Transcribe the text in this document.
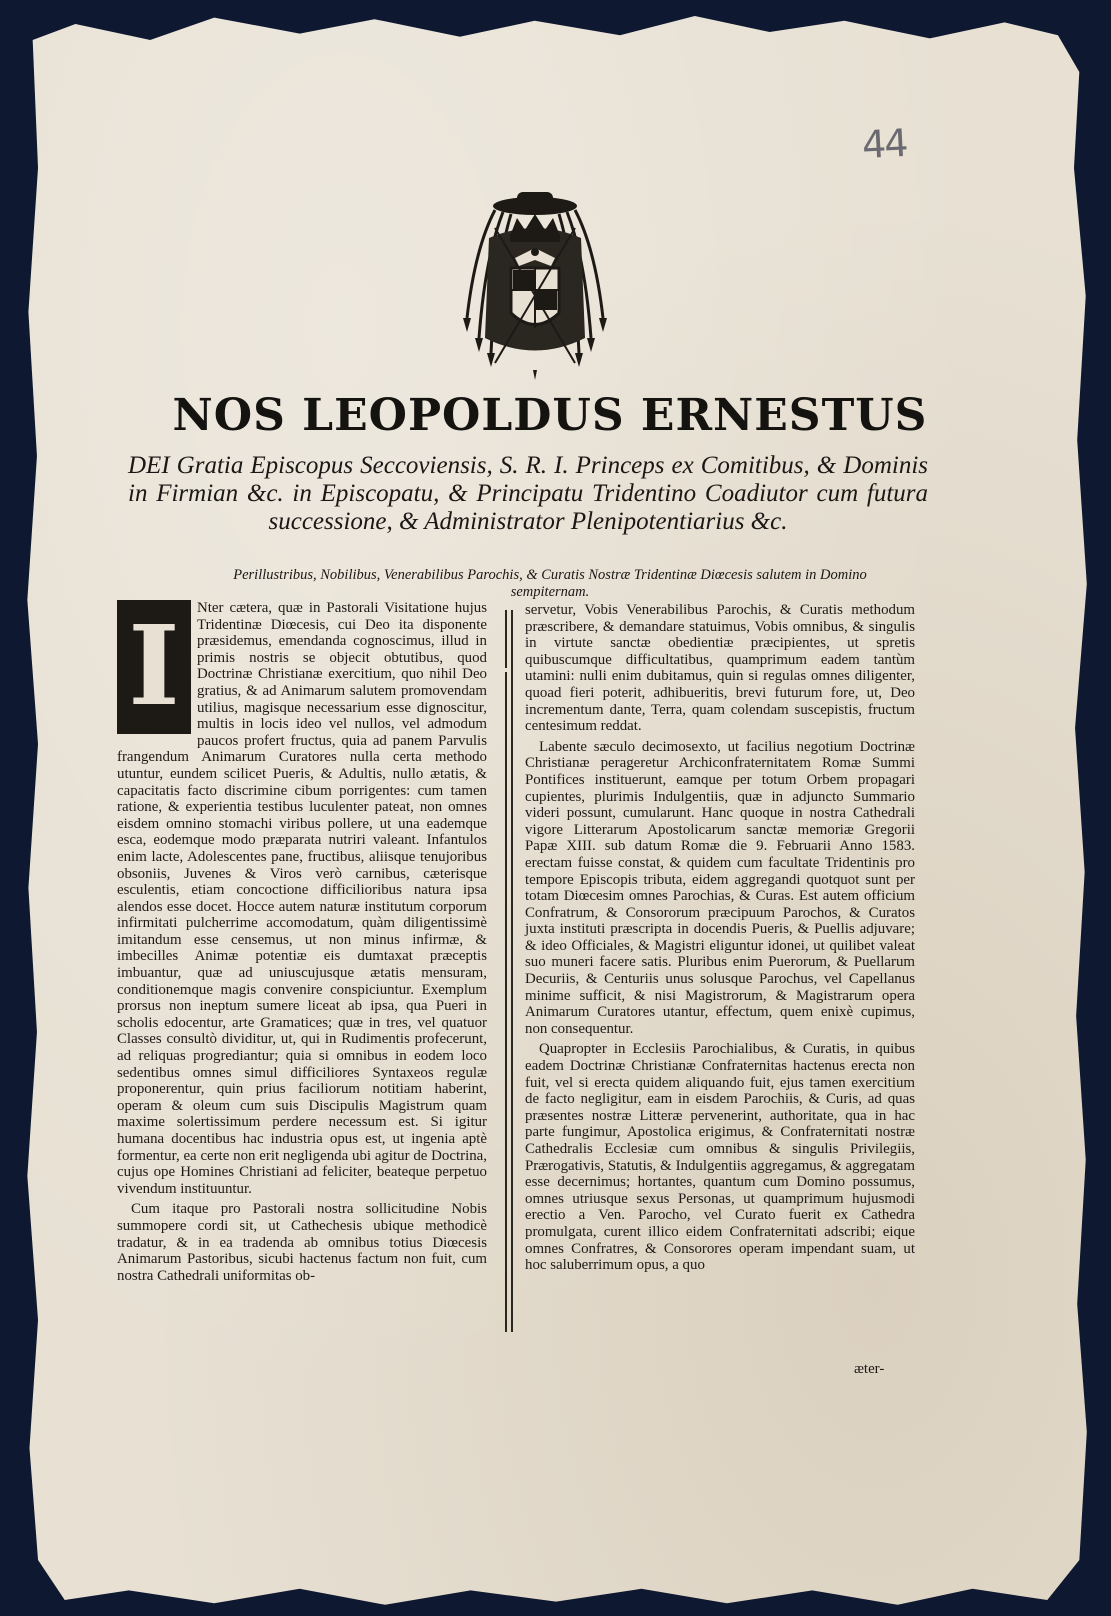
44
NOS LEOPOLDUS ERNESTUS

DEI Gratia Episcopus Seccoviensis, S. R. I. Princeps ex Comitibus, & Dominis in Firmian &c. in Episcopatu, & Principatu Tridentino Coadiutor cum futura successione, & Administrator Plenipotentiarius &c.

Perillustribus, Nobilibus, Venerabilibus Parochis, & Curatis Nostræ Tridentinæ Diœcesis salutem in Domino sempiternam.

I	Nter cætera, quæ in Pastorali Visitatione hujus Tridentinæ Diœcesis, cui Deo ita disponente præsidemus, emendanda cognoscimus, illud in primis nostris se objecit obtutibus, quod Doctrinæ Christianæ exercitium, quo nihil Deo gratius, & ad Animarum salutem promovendam utilius, magisque necessarium esse dignoscitur, multis in locis ideo vel nullos, vel admodum paucos profert fructus, quia ad panem Parvulis frangendum Animarum Curatores nulla certa methodo utuntur, eundem scilicet Pueris, & Adultis, nullo ætatis, & capacitatis facto discrimine cibum porrigentes: cum tamen ratione, & experientia testibus luculenter pateat, non omnes eisdem omnino stomachi viribus pollere, ut una eademque esca, eodemque modo præparata nutriri valeant. Infantulos enim lacte, Adolescentes pane, fructibus, aliisque tenujoribus obsoniis, Juvenes & Viros verò carnibus, cæterisque esculentis, etiam concoctione difficilioribus natura ipsa alendos esse docet. Hocce autem naturæ institutum corporum infirmitati pulcherrime accomodatum, quàm diligentissimè imitandum esse censemus, ut non minus infirmæ, & imbecilles Animæ potentiæ eis dumtaxat præceptis imbuantur, quæ ad uniuscujusque ætatis mensuram, conditionemque magis convenire conspiciuntur. Exemplum prorsus non ineptum sumere liceat ab ipsa, qua Pueri in scholis edocentur, arte Gramatices; quæ in tres, vel quatuor Classes consultò dividitur, ut, qui in Rudimentis profecerunt, ad reliquas progrediantur; quia si omnibus in eodem loco sedentibus omnes simul difficiliores Syntaxeos regulæ proponerentur, quin prius faciliorum notitiam haberint, operam & oleum cum suis Discipulis Magistrum quam maxime solertissimum perdere necessum est. Si igitur humana docentibus hac industria opus est, ut ingenia aptè formentur, ea certe non erit negligenda ubi agitur de Doctrina, cujus ope Homines Christiani ad feliciter, beateque perpetuo vivendum instituuntur.

Cum itaque pro Pastorali nostra sollicitudine Nobis summopere cordi sit, ut Cathechesis ubique methodicè tradatur, & in ea tradenda ab omnibus totius Diœcesis Animarum Pastoribus, sicubi hactenus factum non fuit, cum nostra Cathedrali uniformitas ob-

servetur, Vobis Venerabilibus Parochis, & Curatis methodum præscribere, & demandare statuimus, Vobis omnibus, & singulis in virtute sanctæ obedientiæ præcipientes, ut spretis quibuscumque difficultatibus, quamprimum eadem tantùm utamini: nulli enim dubitamus, quin si regulas omnes diligenter, quoad fieri poterit, adhibueritis, brevi futurum fore, ut, Deo incrementum dante, Terra, quam colendam suscepistis, fructum centesimum reddat.

Labente sæculo decimosexto, ut facilius negotium Doctrinæ Christianæ perageretur Archiconfraternitatem Romæ Summi Pontifices instituerunt, eamque per totum Orbem propagari cupientes, plurimis Indulgentiis, quæ in adjuncto Summario videri possunt, cumularunt. Hanc quoque in nostra Cathedrali vigore Litterarum Apostolicarum sanctæ memoriæ Gregorii Papæ XIII. sub datum Romæ die 9. Februarii Anno 1583. erectam fuisse constat, & quidem cum facultate Tridentinis pro tempore Episcopis tributa, eidem aggregandi quotquot sunt per totam Diœcesim omnes Parochias, & Curas. Est autem officium Confratrum, & Consororum præcipuum Parochos, & Curatos juxta instituti præscripta in docendis Pueris, & Puellis adjuvare; & ideo Officiales, & Magistri eliguntur idonei, ut quilibet valeat suo muneri facere satis. Pluribus enim Puerorum, & Puellarum Decuriis, & Centuriis unus solusque Parochus, vel Capellanus minime sufficit, & nisi Magistrorum, & Magistrarum opera Animarum Curatores utantur, effectum, quem enixè cupimus, non consequentur.

Quapropter in Ecclesiis Parochialibus, & Curatis, in quibus eadem Doctrinæ Christianæ Confraternitas hactenus erecta non fuit, vel si erecta quidem aliquando fuit, ejus tamen exercitium de facto negligitur, eam in eisdem Parochiis, & Curis, ad quas præsentes nostræ Litteræ pervenerint, authoritate, qua in hac parte fungimur, Apostolica erigimus, & Confraternitati nostræ Cathedralis Ecclesiæ cum omnibus & singulis Privilegiis, Prærogativis, Statutis, & Indulgentiis aggregamus, & aggregatam esse decernimus; hortantes, quantum cum Domino possumus, omnes utriusque sexus Personas, ut quamprimum hujusmodi erectio a Ven. Parocho, vel Curato fuerit ex Cathedra promulgata, curent illico eidem Confraternitati adscribi; eique omnes Confratres, & Consorores operam impendant suam, ut hoc saluberrimum opus, a quo

æter-
